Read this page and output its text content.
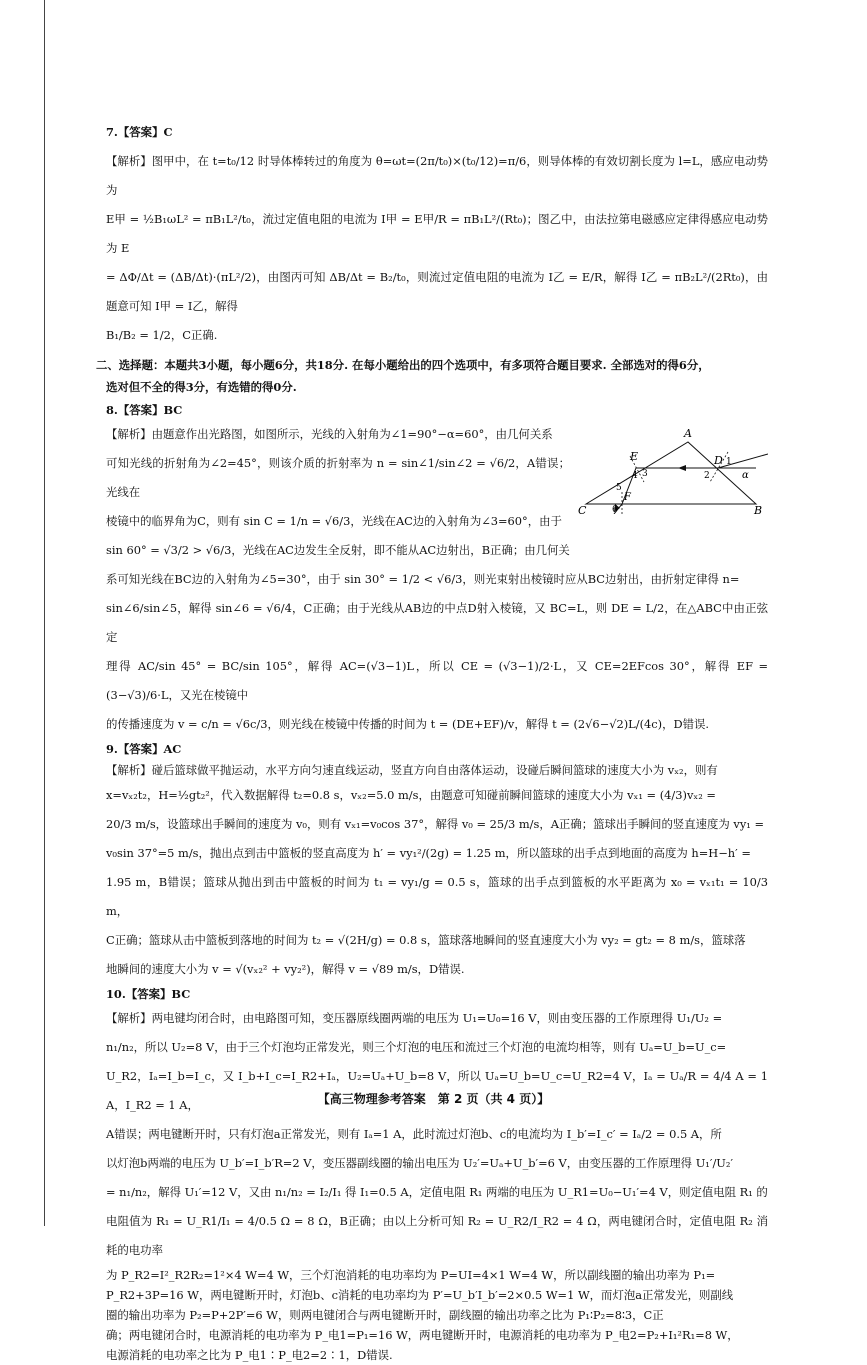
7.【答案】C

【解析】图甲中，在 t=t₀/12 时导体棒转过的角度为 θ=ωt=(2π/t₀)×(t₀/12)=π/6，则导体棒的有效切割长度为 l=L，感应电动势为

E甲 = ½B₁ωL² = πB₁L²/t₀，流过定值电阻的电流为 I甲 = E甲/R = πB₁L²/(Rt₀)；图乙中，由法拉第电磁感应定律得感应电动势为 E

= ΔΦ/Δt = (ΔB/Δt)·(πL²/2)，由图丙可知 ΔB/Δt = B₂/t₀，则流过定值电阻的电流为 I乙 = E/R，解得 I乙 = πB₂L²/(2Rt₀)，由题意可知 I甲 = I乙，解得

B₁/B₂ = 1/2，C正确.

二、选择题：本题共3小题，每小题6分，共18分. 在每小题给出的四个选项中，有多项符合题目要求. 全部选对的得6分，

选对但不全的得3分，有选错的得0分.

8.【答案】BC

A
B
C
D
E
F
1
2
3
4
5
6
α

【解析】由题意作出光路图，如图所示，光线的入射角为∠1=90°−α=60°，由几何关系

可知光线的折射角为∠2=45°，则该介质的折射率为 n = sin∠1/sin∠2 = √6/2，A错误；光线在

棱镜中的临界角为C，则有 sin C = 1/n = √6/3，光线在AC边的入射角为∠3=60°，由于

sin 60° = √3/2 > √6/3，光线在AC边发生全反射，即不能从AC边射出，B正确；由几何关

系可知光线在BC边的入射角为∠5=30°，由于 sin 30° = 1/2 < √6/3，则光束射出棱镜时应从BC边射出，由折射定律得 n=

sin∠6/sin∠5，解得 sin∠6 = √6/4，C正确；由于光线从AB边的中点D射入棱镜，又 BC=L，则 DE = L/2，在△ABC中由正弦定

理得 AC/sin 45° = BC/sin 105°，解得 AC=(√3−1)L，所以 CE = (√3−1)/2·L，又 CE=2EFcos 30°，解得 EF = (3−√3)/6·L，又光在棱镜中

的传播速度为 v = c/n = √6c/3，则光线在棱镜中传播的时间为 t = (DE+EF)/v，解得 t = (2√6−√2)L/(4c)，D错误.

9.【答案】AC

【解析】碰后篮球做平抛运动，水平方向匀速直线运动，竖直方向自由落体运动，设碰后瞬间篮球的速度大小为 vₓ₂，则有

x=vₓ₂t₂，H=½gt₂²，代入数据解得 t₂=0.8 s，vₓ₂=5.0 m/s，由题意可知碰前瞬间篮球的速度大小为 vₓ₁ = (4/3)vₓ₂ =

20/3 m/s，设篮球出手瞬间的速度为 v₀，则有 vₓ₁=v₀cos 37°，解得 v₀ = 25/3 m/s，A正确；篮球出手瞬间的竖直速度为 vy₁ =

v₀sin 37°=5 m/s，抛出点到击中篮板的竖直高度为 h′ = vy₁²/(2g) = 1.25 m，所以篮球的出手点到地面的高度为 h=H−h′ =

1.95 m，B错误；篮球从抛出到击中篮板的时间为 t₁ = vy₁/g = 0.5 s，篮球的出手点到篮板的水平距离为 x₀ = vₓ₁t₁ = 10/3 m，

C正确；篮球从击中篮板到落地的时间为 t₂ = √(2H/g) = 0.8 s，篮球落地瞬间的竖直速度大小为 vy₂ = gt₂ = 8 m/s，篮球落

地瞬间的速度大小为 v = √(vₓ₂² + vy₂²)，解得 v = √89 m/s，D错误.

10.【答案】BC

【解析】两电键均闭合时，由电路图可知，变压器原线圈两端的电压为 U₁=U₀=16 V，则由变压器的工作原理得 U₁/U₂ =

n₁/n₂，所以 U₂=8 V，由于三个灯泡均正常发光，则三个灯泡的电压和流过三个灯泡的电流均相等，则有 Uₐ=U_b=U_c=

U_R2，Iₐ=I_b=I_c，又 I_b+I_c=I_R2+Iₐ，U₂=Uₐ+U_b=8 V，所以 Uₐ=U_b=U_c=U_R2=4 V，Iₐ = Uₐ/R = 4/4 A = 1 A，I_R2 = 1 A，

A错误；两电键断开时，只有灯泡a正常发光，则有 Iₐ=1 A，此时流过灯泡b、c的电流均为 I_b′=I_c′ = Iₐ/2 = 0.5 A，所

以灯泡b两端的电压为 U_b′=I_b′R=2 V，变压器副线圈的输出电压为 U₂′=Uₐ+U_b′=6 V，由变压器的工作原理得 U₁′/U₂′

= n₁/n₂，解得 U₁′=12 V，又由 n₁/n₂ = I₂/I₁ 得 I₁=0.5 A，定值电阻 R₁ 两端的电压为 U_R1=U₀−U₁′=4 V，则定值电阻 R₁ 的

电阻值为 R₁ = U_R1/I₁ = 4/0.5 Ω = 8 Ω，B正确；由以上分析可知 R₂ = U_R2/I_R2 = 4 Ω，两电键闭合时，定值电阻 R₂ 消耗的电功率

为 P_R2=I²_R2R₂=1²×4 W=4 W，三个灯泡消耗的电功率均为 P=UI=4×1 W=4 W，所以副线圈的输出功率为 P₁=

P_R2+3P=16 W，两电键断开时，灯泡b、c消耗的电功率均为 P′=U_b′I_b′=2×0.5 W=1 W，而灯泡a正常发光，则副线

圈的输出功率为 P₂=P+2P′=6 W，则两电键闭合与两电键断开时，副线圈的输出功率之比为 P₁∶P₂=8∶3，C正

确；两电键闭合时，电源消耗的电功率为 P_电1=P₁=16 W，两电键断开时，电源消耗的电功率为 P_电2=P₂+I₁²R₁=8 W，

电源消耗的电功率之比为 P_电1∶P_电2=2∶1，D错误.

【高三物理参考答案　第 2 页（共 4 页）】
